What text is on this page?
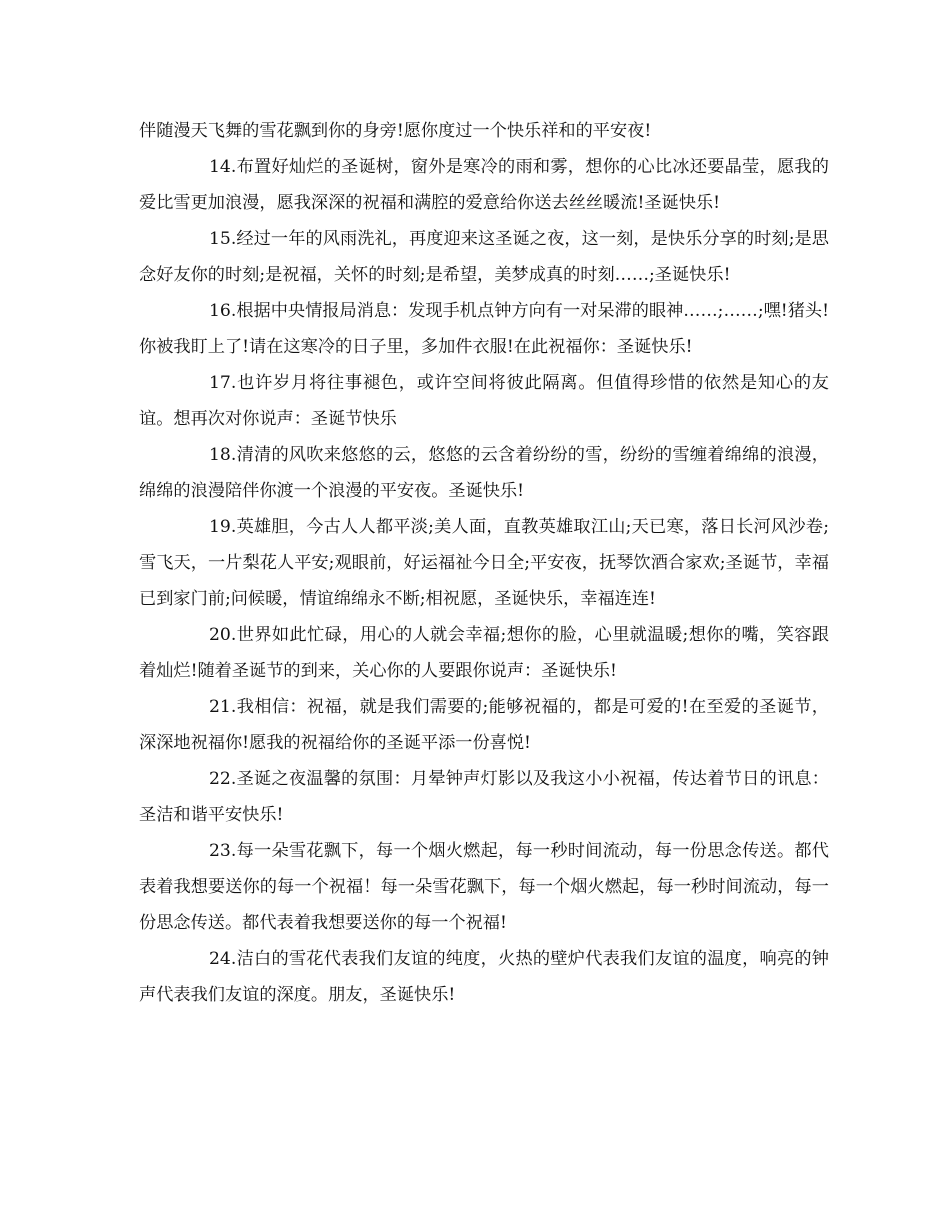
伴随漫天飞舞的雪花飘到你的身旁!愿你度过一个快乐祥和的平安夜!

14.布置好灿烂的圣诞树，窗外是寒冷的雨和雾，想你的心比冰还要晶莹，愿我的爱比雪更加浪漫，愿我深深的祝福和满腔的爱意给你送去丝丝暖流!圣诞快乐!

15.经过一年的风雨洗礼，再度迎来这圣诞之夜，这一刻，是快乐分享的时刻;是思念好友你的时刻;是祝福，关怀的时刻;是希望，美梦成真的时刻……;圣诞快乐!

16.根据中央情报局消息：发现手机点钟方向有一对呆滞的眼神……;……;嘿!猪头!你被我盯上了!请在这寒冷的日子里，多加件衣服!在此祝福你：圣诞快乐!

17.也许岁月将往事褪色，或许空间将彼此隔离。但值得珍惜的依然是知心的友谊。想再次对你说声：圣诞节快乐

18.清清的风吹来悠悠的云，悠悠的云含着纷纷的雪，纷纷的雪缠着绵绵的浪漫，绵绵的浪漫陪伴你渡一个浪漫的平安夜。圣诞快乐!

19.英雄胆，今古人人都平淡;美人面，直教英雄取江山;天已寒，落日长河风沙卷;雪飞天，一片梨花人平安;观眼前，好运福祉今日全;平安夜，抚琴饮酒合家欢;圣诞节，幸福已到家门前;问候暖，情谊绵绵永不断;相祝愿，圣诞快乐，幸福连连!

20.世界如此忙碌，用心的人就会幸福;想你的脸，心里就温暖;想你的嘴，笑容跟着灿烂!随着圣诞节的到来，关心你的人要跟你说声：圣诞快乐!

21.我相信：祝福，就是我们需要的;能够祝福的，都是可爱的!在至爱的圣诞节，深深地祝福你!愿我的祝福给你的圣诞平添一份喜悦!

22.圣诞之夜温馨的氛围：月晕钟声灯影以及我这小小祝福，传达着节日的讯息：圣洁和谐平安快乐!

23.每一朵雪花飘下，每一个烟火燃起，每一秒时间流动，每一份思念传送。都代表着我想要送你的每一个祝福！每一朵雪花飘下，每一个烟火燃起，每一秒时间流动，每一份思念传送。都代表着我想要送你的每一个祝福!

24.洁白的雪花代表我们友谊的纯度，火热的壁炉代表我们友谊的温度，响亮的钟声代表我们友谊的深度。朋友，圣诞快乐!
